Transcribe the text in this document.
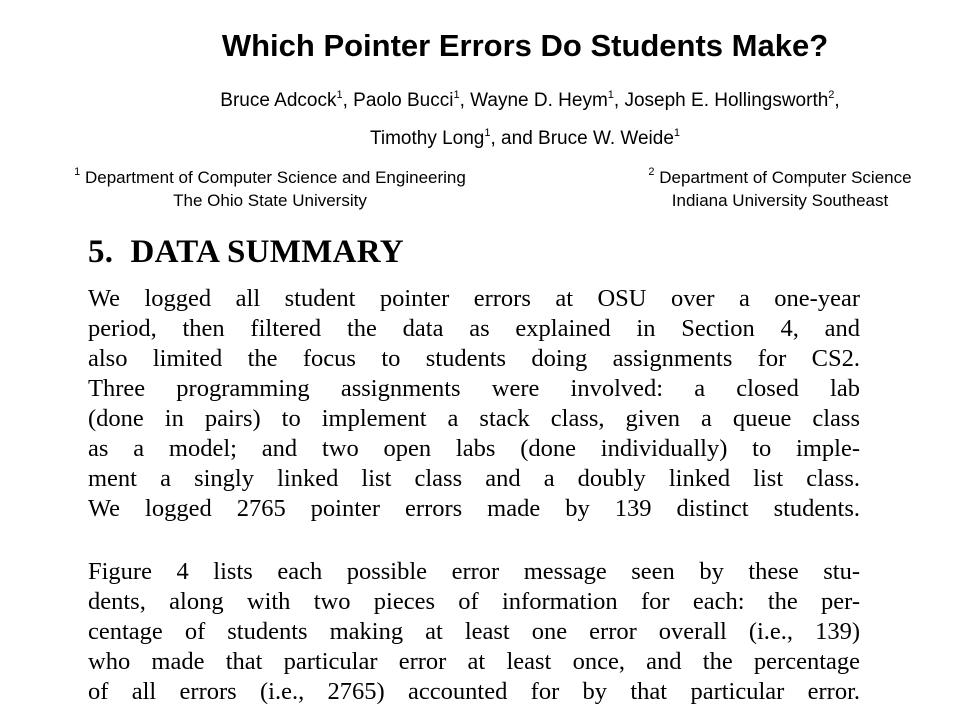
Which Pointer Errors Do Students Make?
Bruce Adcock$^1$, Paolo Bucci$^1$, Wayne D. Heym$^1$, Joseph E. Hollingsworth$^2$,
Timothy Long$^1$, and Bruce W. Weide$^1$
$^1$ Department of Computer Science and Engineering
The Ohio State University
$^2$ Department of Computer Science
Indiana University Southeast
5.  DATA SUMMARY
We logged all student pointer errors at OSU over a one-year
period, then filtered the data as explained in Section 4, and
also limited the focus to students doing assignments for CS2.
Three programming assignments were involved: a closed lab
(done in pairs) to implement a stack class, given a queue class
as a model; and two open labs (done individually) to imple-
ment a singly linked list class and a doubly linked list class.
We logged 2765 pointer errors made by 139 distinct students.
Figure 4 lists each possible error message seen by these stu-
dents, along with two pieces of information for each: the per-
centage of students making at least one error overall (i.e., 139)
who made that particular error at least once, and the percentage
of all errors (i.e., 2765) accounted for by that particular error.
